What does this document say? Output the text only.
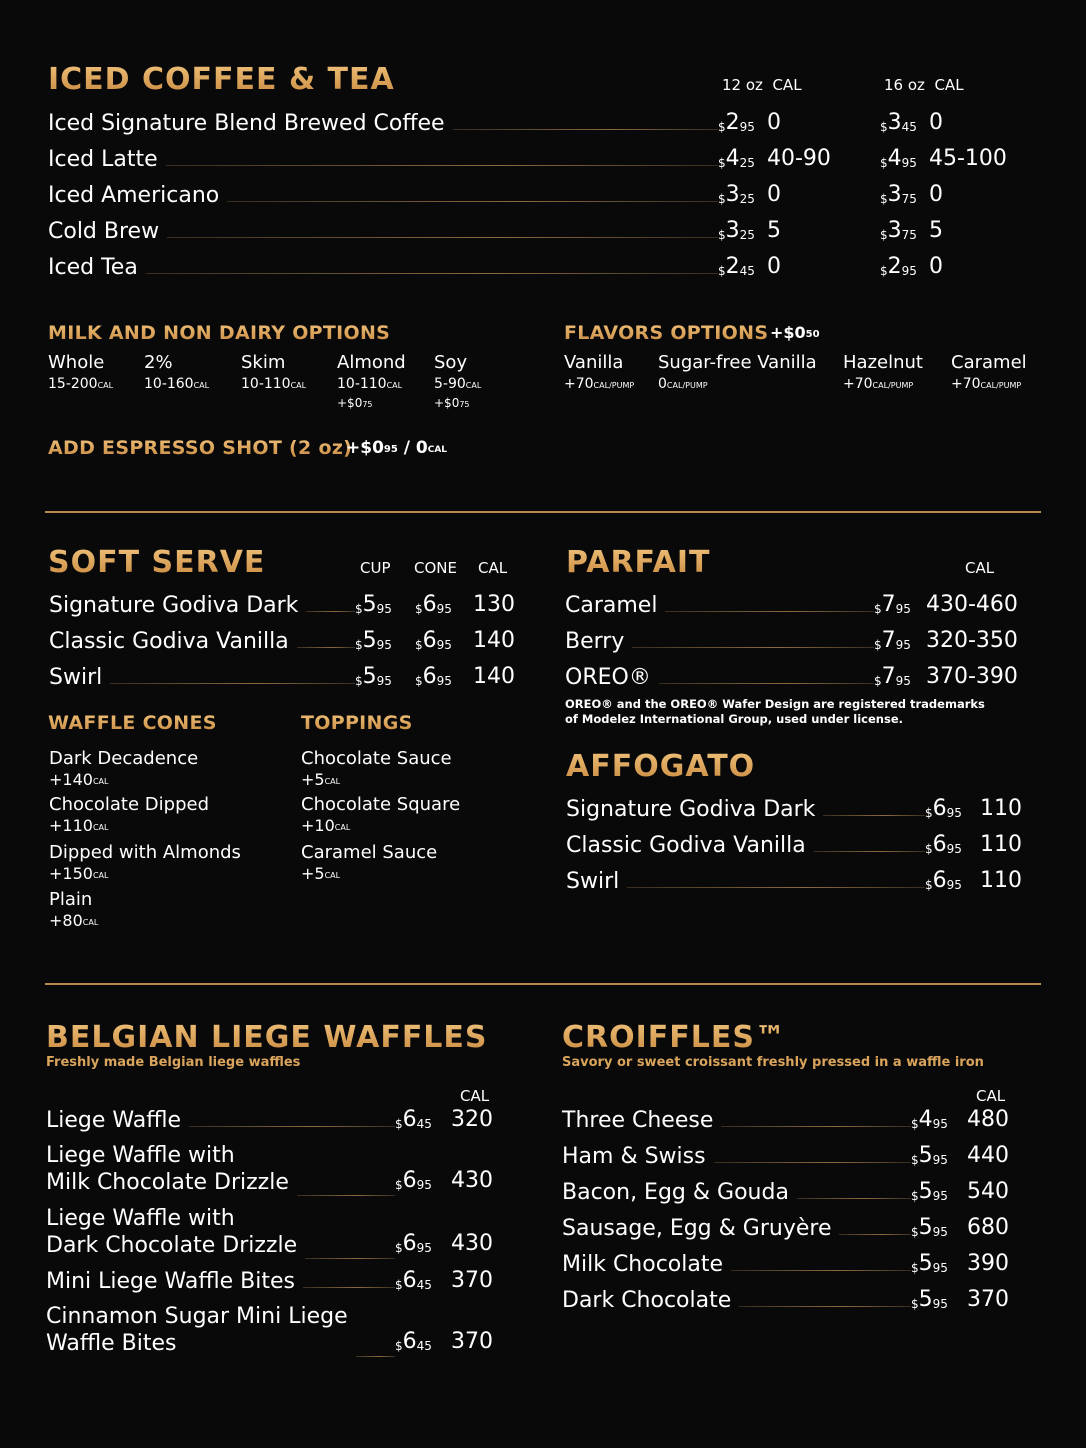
ICED COFFEE & TEA	12 oz CAL	16 oz CAL
Iced Signature Blend Brewed Coffee	$^{\$}2^{95}$ 0	$^{\$}3^{45}$ 0
Iced Latte	$^{\$}4^{25}$ 40-90	$^{\$}4^{95}$ 45-100
Iced Americano	$^{\$}3^{25}$ 0	$^{\$}3^{75}$ 0
Cold Brew	$^{\$}3^{25}$ 5	$^{\$}3^{75}$ 5
Iced Tea	$^{\$}2^{45}$ 0	$^{\$}2^{95}$ 0
MILK AND NON DAIRY OPTIONS
Whole
$15-200^{CAL}$
2%
$10-160^{CAL}$
Skim
$10-110^{CAL}$
Almond
$10-110^{CAL}$
$+\$0^{75}$
Soy
$5-90^{CAL}$
$+\$0^{75}$
FLAVORS OPTIONS $+\$0^{50}$
Vanilla
$+70^{CAL/PUMP}$
Sugar-free Vanilla
$0^{CAL/PUMP}$
Hazelnut
$+70^{CAL/PUMP}$
Caramel
$+70^{CAL/PUMP}$
ADD ESPRESSO SHOT (2 oz)
$+\$0^{95} / 0^{CAL}$
SOFT SERVE	CUP CONE CAL
Signature Godiva Dark	$^{\$}5^{95}$ $^{\$}6^{95}$ 130
Classic Godiva Vanilla	$^{\$}5^{95}$ $^{\$}6^{95}$ 140
Swirl	$^{\$}5^{95}$ $^{\$}6^{95}$ 140
WAFFLE CONES
Dark Decadence
$+140^{CAL}$
Chocolate Dipped
$+110^{CAL}$
Dipped with Almonds
$+150^{CAL}$
Plain
$+80^{CAL}$
TOPPINGS
Chocolate Sauce
$+5^{CAL}$
Chocolate Square
$+10^{CAL}$
Caramel Sauce
$+5^{CAL}$
PARFAIT	CAL
Caramel	$^{\$}7^{95}$ 430-460
Berry	$^{\$}7^{95}$ 320-350
OREO®	$^{\$}7^{95}$ 370-390
OREO® and the OREO® Wafer Design are registered trademarks
of Modelez International Group, used under license.
AFFOGATO
Signature Godiva Dark	$^{\$}6^{95}$ 110
Classic Godiva Vanilla	$^{\$}6^{95}$ 110
Swirl	$^{\$}6^{95}$ 110
BELGIAN LIEGE WAFFLES
Freshly made Belgian liege waffles
CAL
Liege Waffle	$^{\$}6^{45}$ 320
Liege Waffle with
Milk Chocolate Drizzle	$^{\$}6^{95}$ 430
Liege Waffle with
Dark Chocolate Drizzle	$^{\$}6^{95}$ 430
Mini Liege Waffle Bites	$^{\$}6^{45}$ 370
Cinnamon Sugar Mini Liege
Waffle Bites	$^{\$}6^{45}$ 370
CROIFFLES™
Savory or sweet croissant freshly pressed in a waffle iron
CAL
Three Cheese	$^{\$}4^{95}$ 480
Ham & Swiss	$^{\$}5^{95}$ 440
Bacon, Egg & Gouda	$^{\$}5^{95}$ 540
Sausage, Egg & Gruyère	$^{\$}5^{95}$ 680
Milk Chocolate	$^{\$}5^{95}$ 390
Dark Chocolate	$^{\$}5^{95}$ 370
